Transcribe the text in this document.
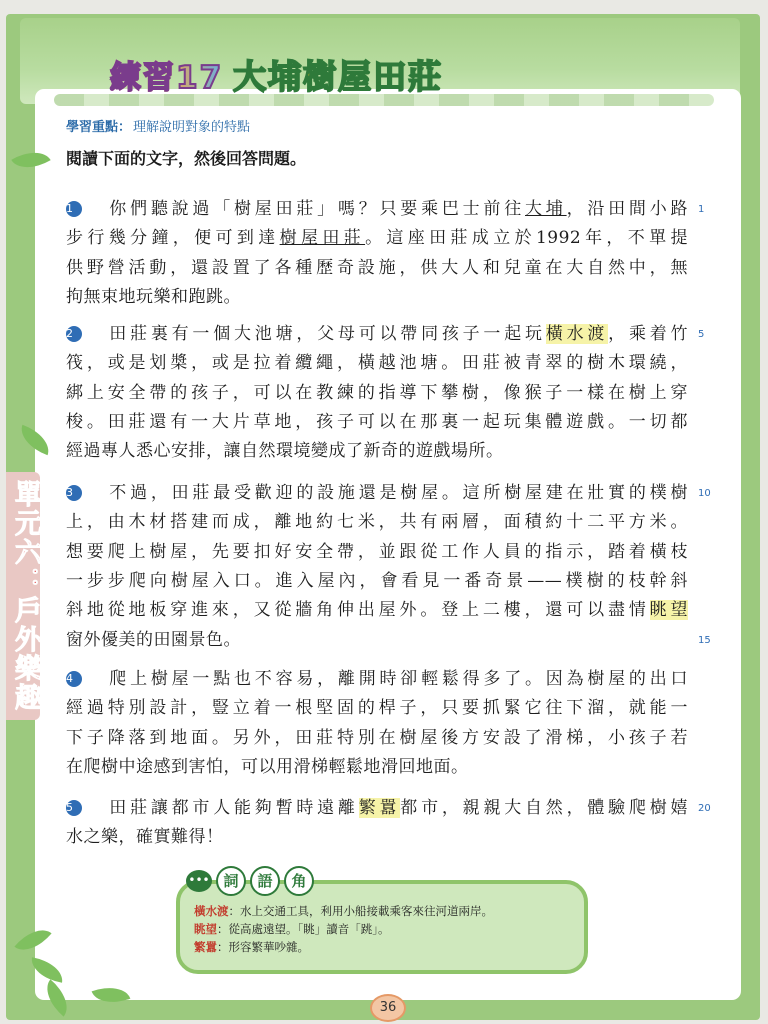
練習17 大埔樹屋田莊
學習重點： 理解說明對象的特點
閱讀下面的文字，然後回答問題。
1 你們聽說過「樹屋田莊」嗎？只要乘巴士前往大埔，沿田間小路
步行幾分鐘，便可到達樹屋田莊。這座田莊成立於1992年，不單提
供野營活動，還設置了各種歷奇設施，供大人和兒童在大自然中，無
拘無束地玩樂和跑跳。
2 田莊裏有一個大池塘，父母可以帶同孩子一起玩橫水渡，乘着竹
筏，或是划槳，或是拉着纜繩，橫越池塘。田莊被青翠的樹木環繞，
綁上安全帶的孩子，可以在教練的指導下攀樹，像猴子一樣在樹上穿
梭。田莊還有一大片草地，孩子可以在那裏一起玩集體遊戲。一切都
經過專人悉心安排，讓自然環境變成了新奇的遊戲場所。
3 不過，田莊最受歡迎的設施還是樹屋。這所樹屋建在壯實的樸樹
上，由木材搭建而成，離地約七米，共有兩層，面積約十二平方米。
想要爬上樹屋，先要扣好安全帶，並跟從工作人員的指示，踏着橫枝
一步步爬向樹屋入口。進入屋內，會看見一番奇景——樸樹的枝幹斜
斜地從地板穿進來，又從牆角伸出屋外。登上二樓，還可以盡情眺望
窗外優美的田園景色。
4 爬上樹屋一點也不容易，離開時卻輕鬆得多了。因為樹屋的出口
經過特別設計，豎立着一根堅固的桿子，只要抓緊它往下溜，就能一
下子降落到地面。另外，田莊特別在樹屋後方安設了滑梯，小孩子若
在爬樹中途感到害怕，可以用滑梯輕鬆地滑回地面。
5 田莊讓都市人能夠暫時遠離繁囂都市，親親大自然，體驗爬樹嬉
水之樂，確實難得！
1
5
10
15
20
單元六：戶外樂趣
••• 詞	語	角
橫水渡：水上交通工具，利用小船接載乘客來往河道兩岸。
眺望：從高處遠望。「眺」讀音「跳」。
繁囂：形容繁華吵雜。
36
